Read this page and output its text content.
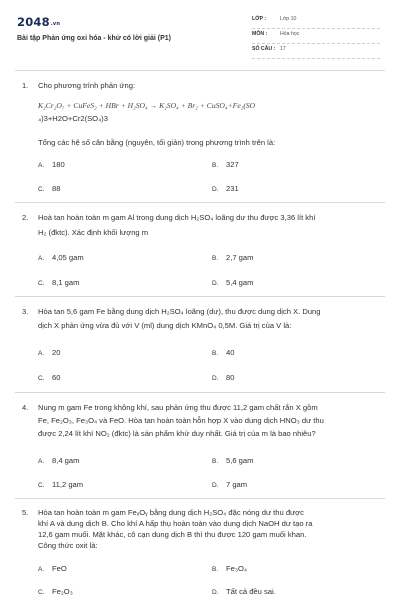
2048.vn
Bài tập Phản ứng oxi hóa - khử có lời giải (P1)
LỚP :	Lớp 10
MÔN : Hóa học
SỐ CÂU : 17
1. Cho phương trình phản ứng:
K₂Cr₂O₇ + CuFeS₂ + HBr + H₂SO₄ → K₂SO₄ + Br₂ + CuSO₄+Fe₂(SO
₄)3+H2O+Cr2(SO₄)3
Tổng các hệ số cân bằng (nguyên, tối giản) trong phương trình trên là:
A. 180	B. 327
C. 88	D. 231
2. Hoà tan hoàn toàn m gam Al trong dung dịch H₂SO₄ loãng dư thu được 3,36 lít khí
H₂ (đktc). Xác định khối lượng m
A. 4,05 gam	B. 2,7 gam
C. 8,1 gam	D. 5,4 gam
3. Hòa tan 5,6 gam Fe bằng dung dịch H₂SO₄ loãng (dư), thu được dung dịch X. Dung
dịch X phản ứng vừa đủ với V (ml) dung dịch KMnO₄ 0,5M. Giá trị của V là:
A. 20	B. 40
C. 60	D. 80
4. Nung m gam Fe trong không khí, sau phản ứng thu được 11,2 gam chất rắn X gồm
Fe, Fe₂O₃, Fe₃O₄ và FeO. Hòa tan hoàn toàn hỗn hợp X vào dung dịch HNO₃ dư thu
được 2,24 lít khí NO₂ (đktc) là sản phẩm khử duy nhất. Giá trị của m là bao nhiêu?
A. 8,4 gam	B. 5,6 gam
C. 11,2 gam	D. 7 gam
5. Hòa tan hoàn toàn m gam FeₓOᵧ bằng dung dịch H₂SO₄ đặc nóng dư thu được
khí A và dung dịch B. Cho khí A hấp thụ hoàn toàn vào dung dịch NaOH dư tạo ra
12,6 gam muối. Mặt khác, cô cạn dung dịch B thì thu được 120 gam muối khan.
Công thức oxit là:
A. FeO	B. Fe₃O₄
C. Fe₂O₃	D. Tất cả đều sai.
